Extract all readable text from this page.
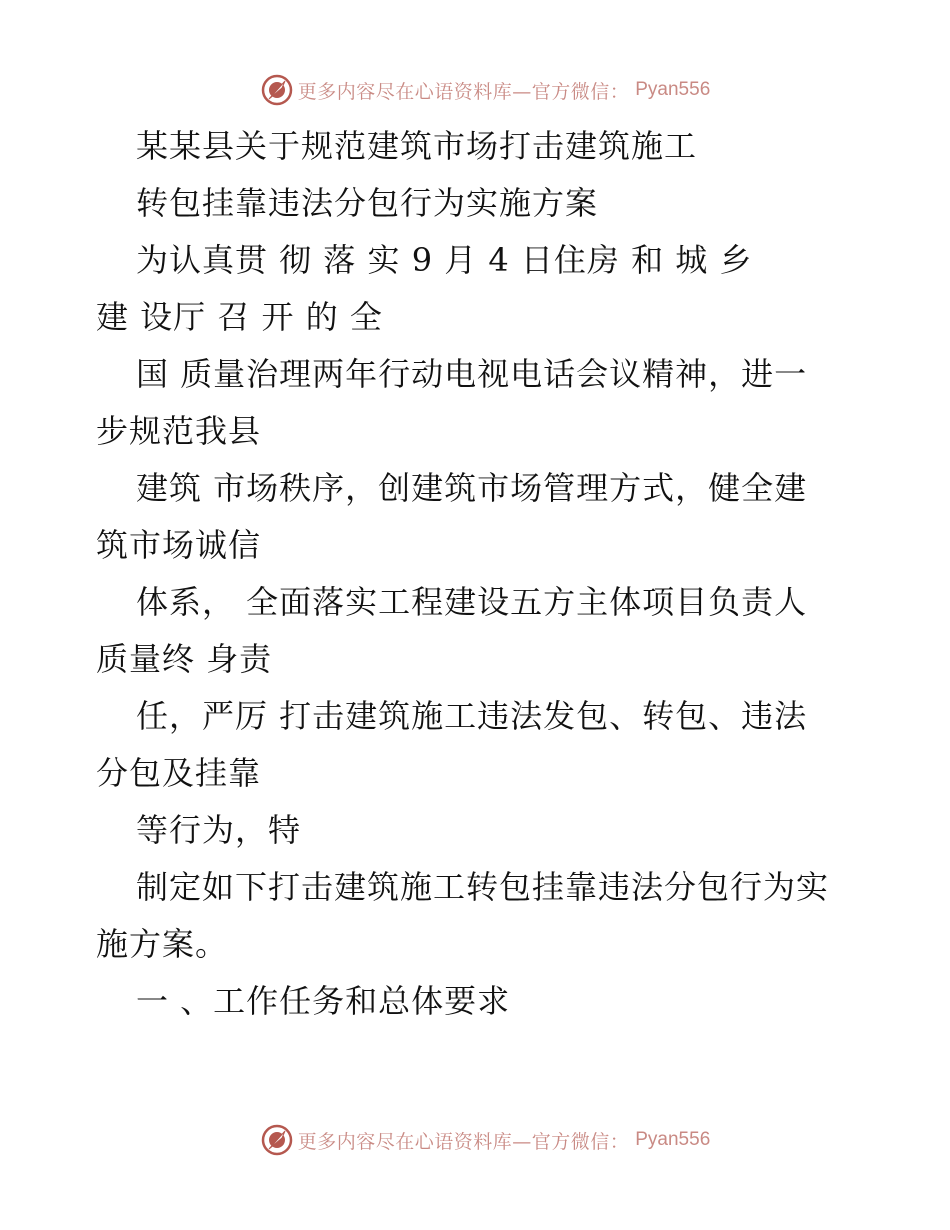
更多内容尽在心语资料库—官方微信： Pyan556
某某县关于规范建筑市场打击建筑施工
转包挂靠违法分包行为实施方案
为认真贯 彻 落 实 9 月 4 日住房 和 城 乡
建 设厅 召 开 的 全
国 质量治理两年行动电视电话会议精神，进一
步规范我县
建筑 市场秩序，创建筑市场管理方式，健全建
筑市场诚信
体系， 全面落实工程建设五方主体项目负责人
质量终 身责
任，严厉 打击建筑施工违法发包、转包、违法
分包及挂靠
等行为，特
制定如下打击建筑施工转包挂靠违法分包行为实
施方案。
一 、工作任务和总体要求
更多内容尽在心语资料库—官方微信： Pyan556
